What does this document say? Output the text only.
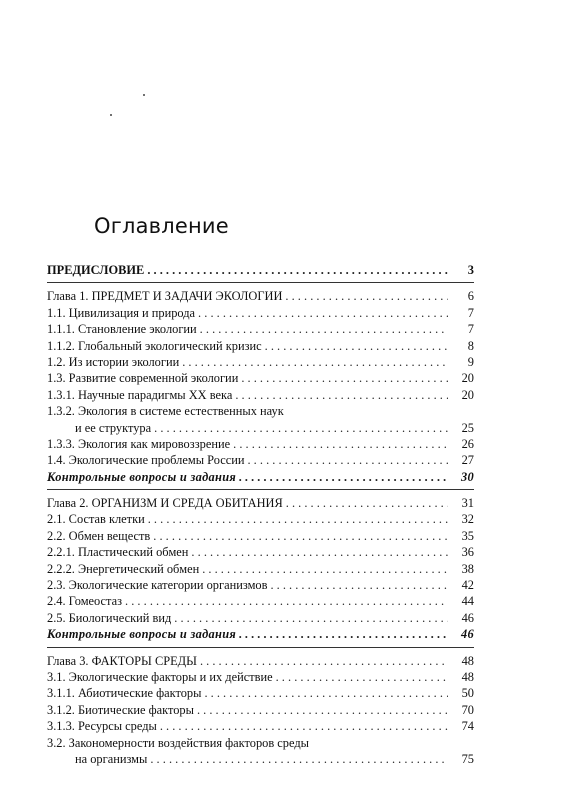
Оглавление
ПРЕДИСЛОВИЕ . . .	3
Глава 1. ПРЕДМЕТ И ЗАДАЧИ ЭКОЛОГИИ . . .	6
1.1. Цивилизация и природа . . .	7
1.1.1. Становление экологии . . .	7
1.1.2. Глобальный экологический кризис . . .	8
1.2. Из истории экологии . . .	9
1.3. Развитие современной экологии . . .	20
1.3.1. Научные парадигмы XX века . . .	20
1.3.2. Экология в системе естественных наук
и ее структура . . .	25
1.3.3. Экология как мировоззрение . . .	26
1.4. Экологические проблемы России . . .	27
Контрольные вопросы и задания . . .	30
Глава 2. ОРГАНИЗМ И СРЕДА ОБИТАНИЯ . . .	31
2.1. Состав клетки . . .	32
2.2. Обмен веществ . . .	35
2.2.1. Пластический обмен . . .	36
2.2.2. Энергетический обмен . . .	38
2.3. Экологические категории организмов . . .	42
2.4. Гомеостаз . . .	44
2.5. Биологический вид . . .	46
Контрольные вопросы и задания . . .	46
Глава 3. ФАКТОРЫ СРЕДЫ . . .	48
3.1. Экологические факторы и их действие . . .	48
3.1.1. Абиотические факторы . . .	50
3.1.2. Биотические факторы . . .	70
3.1.3. Ресурсы среды . . .	74
3.2. Закономерности воздействия факторов среды
на организмы . . .	75
